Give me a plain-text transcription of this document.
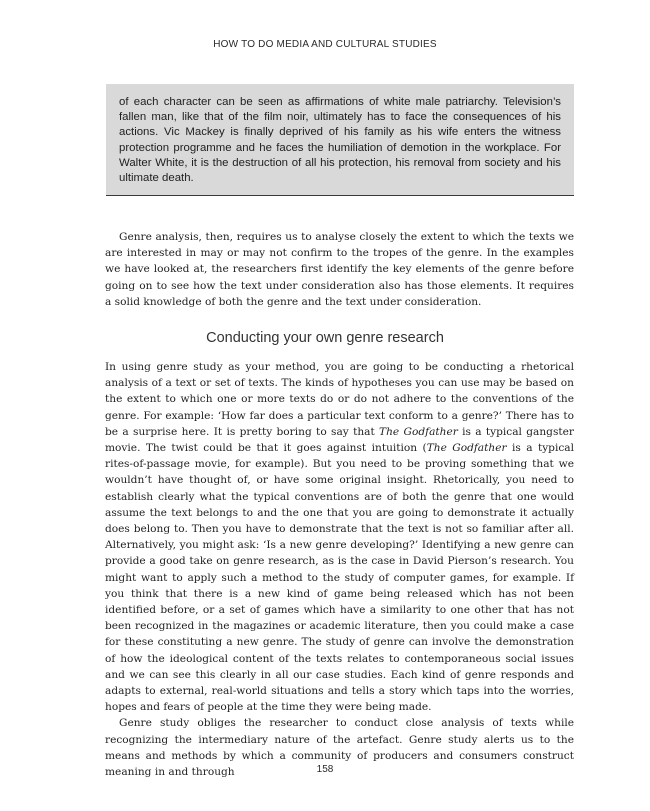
HOW TO DO MEDIA AND CULTURAL STUDIES

of each character can be seen as affirmations of white male patriarchy. Television’s fallen man, like that of the film noir, ultimately has to face the consequences of his actions. Vic Mackey is finally deprived of his family as his wife enters the witness protection programme and he faces the humiliation of demotion in the workplace. For Walter White, it is the destruction of all his protection, his removal from society and his ultimate death.

Genre analysis, then, requires us to analyse closely the extent to which the texts we are interested in may or may not confirm to the tropes of the genre. In the examples we have looked at, the researchers first identify the key elements of the genre before going on to see how the text under consideration also has those elements. It requires a solid knowledge of both the genre and the text under consideration.

Conducting your own genre research

In using genre study as your method, you are going to be conducting a rhetorical analysis of a text or set of texts. The kinds of hypotheses you can use may be based on the extent to which one or more texts do or do not adhere to the conventions of the genre. For example: ‘How far does a particular text conform to a genre?’ There has to be a surprise here. It is pretty boring to say that The Godfather is a typical gangster movie. The twist could be that it goes against intuition (The Godfather is a typical rites-of-passage movie, for example). But you need to be proving something that we wouldn’t have thought of, or have some original insight. Rhetorically, you need to establish clearly what the typical conventions are of both the genre that one would assume the text belongs to and the one that you are going to demonstrate it actually does belong to. Then you have to demonstrate that the text is not so familiar after all. Alternatively, you might ask: ‘Is a new genre developing?’ Identifying a new genre can provide a good take on genre research, as is the case in David Pierson’s research. You might want to apply such a method to the study of computer games, for example. If you think that there is a new kind of game being released which has not been identified before, or a set of games which have a similarity to one other that has not been recognized in the magazines or academic literature, then you could make a case for these constituting a new genre. The study of genre can involve the demonstration of how the ideological content of the texts relates to contemporaneous social issues and we can see this clearly in all our case studies. Each kind of genre responds and adapts to external, real-world situations and tells a story which taps into the worries, hopes and fears of people at the time they were being made.

Genre study obliges the researcher to conduct close analysis of texts while recognizing the intermediary nature of the artefact. Genre study alerts us to the means and methods by which a community of producers and consumers construct meaning in and through	158
